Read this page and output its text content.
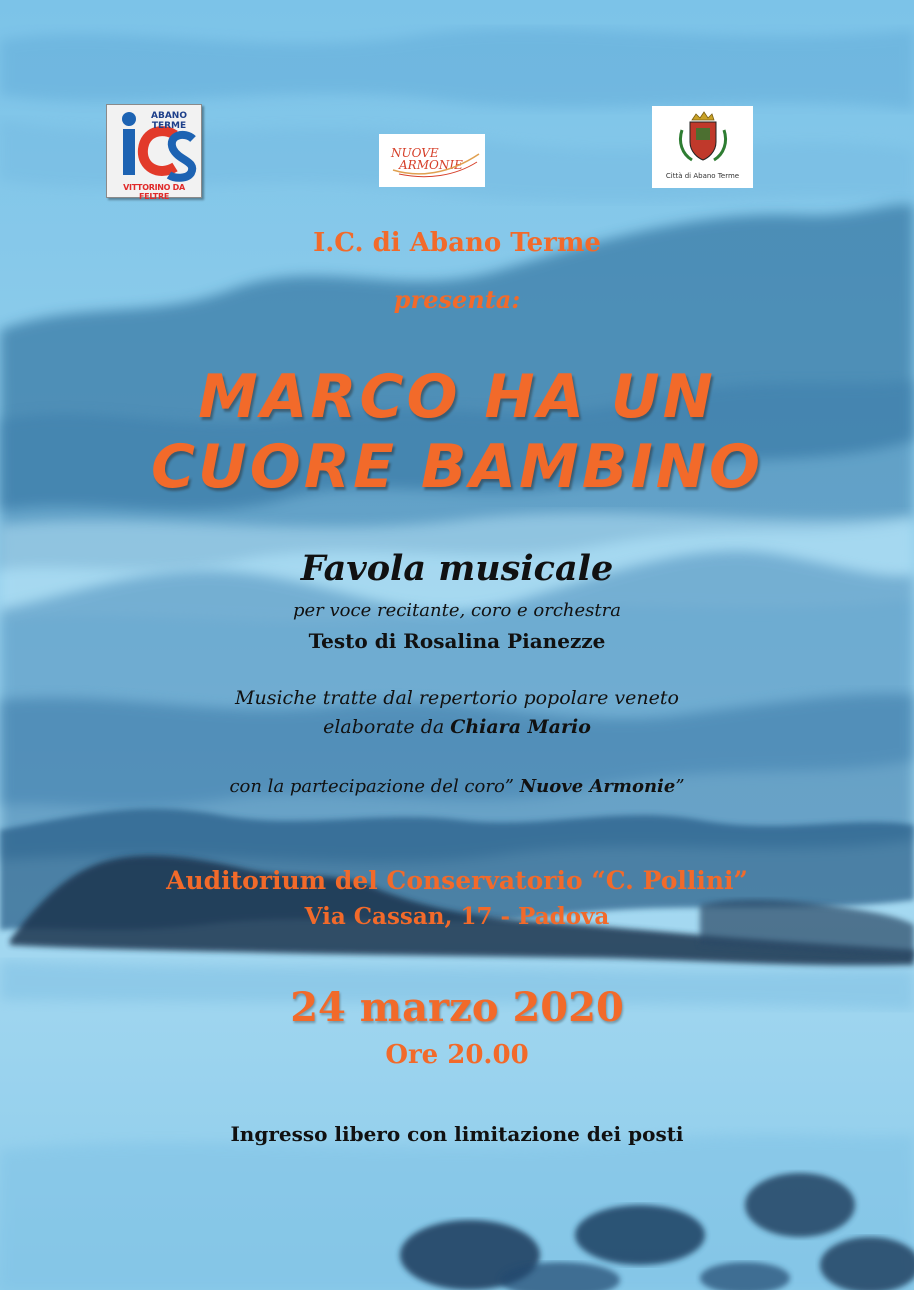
ABANO
TERME
VITTORINO DA FELTRE
NUOVE
ARMONIE
Città di Abano Terme
I.C. di Abano Terme
presenta:
MARCO HA UN
CUORE BAMBINO
Favola musicale
per voce recitante, coro e orchestra
Testo di Rosalina Pianezze
Musiche tratte dal repertorio popolare veneto
elaborate da Chiara Mario
con la partecipazione del coro” Nuove Armonie”
Auditorium del Conservatorio “C. Pollini”
Via Cassan, 17 - Padova
24 marzo 2020
Ore 20.00
Ingresso libero con limitazione dei posti
